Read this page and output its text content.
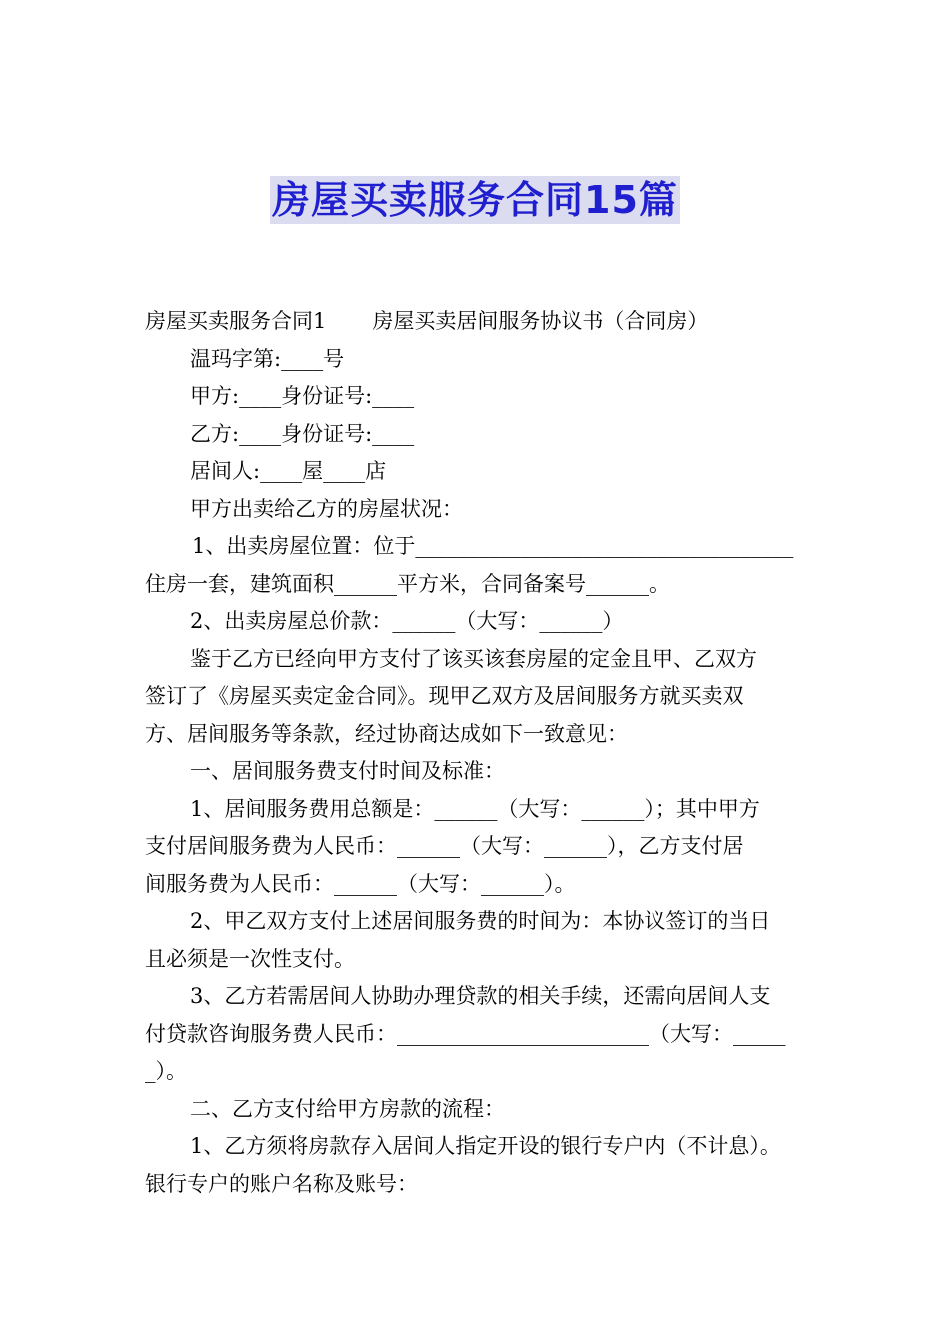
房屋买卖服务合同15篇

房屋买卖服务合同1 房屋买卖居间服务协议书（合同房）

温玛字第:____号

甲方:____身份证号:____

乙方:____身份证号:____

居间人:____屋____店

甲方出卖给乙方的房屋状况：

1、出卖房屋位置：位于____________________________________

住房一套，建筑面积______平方米，合同备案号______。

2、出卖房屋总价款：______（大写：______）

鉴于乙方已经向甲方支付了该买该套房屋的定金且甲、乙双方

签订了《房屋买卖定金合同》。现甲乙双方及居间服务方就买卖双

方、居间服务等条款，经过协商达成如下一致意见：

一、居间服务费支付时间及标准：

1、居间服务费用总额是：______（大写：______）；其中甲方

支付居间服务费为人民币：______（大写：______），乙方支付居

间服务费为人民币：______（大写：______）。

2、甲乙双方支付上述居间服务费的时间为：本协议签订的当日

且必须是一次性支付。

3、乙方若需居间人协助办理贷款的相关手续，还需向居间人支

付贷款咨询服务费人民币：________________________（大写：_____

_）。

二、乙方支付给甲方房款的流程：

1、乙方须将房款存入居间人指定开设的银行专户内（不计息）。

银行专户的账户名称及账号：
